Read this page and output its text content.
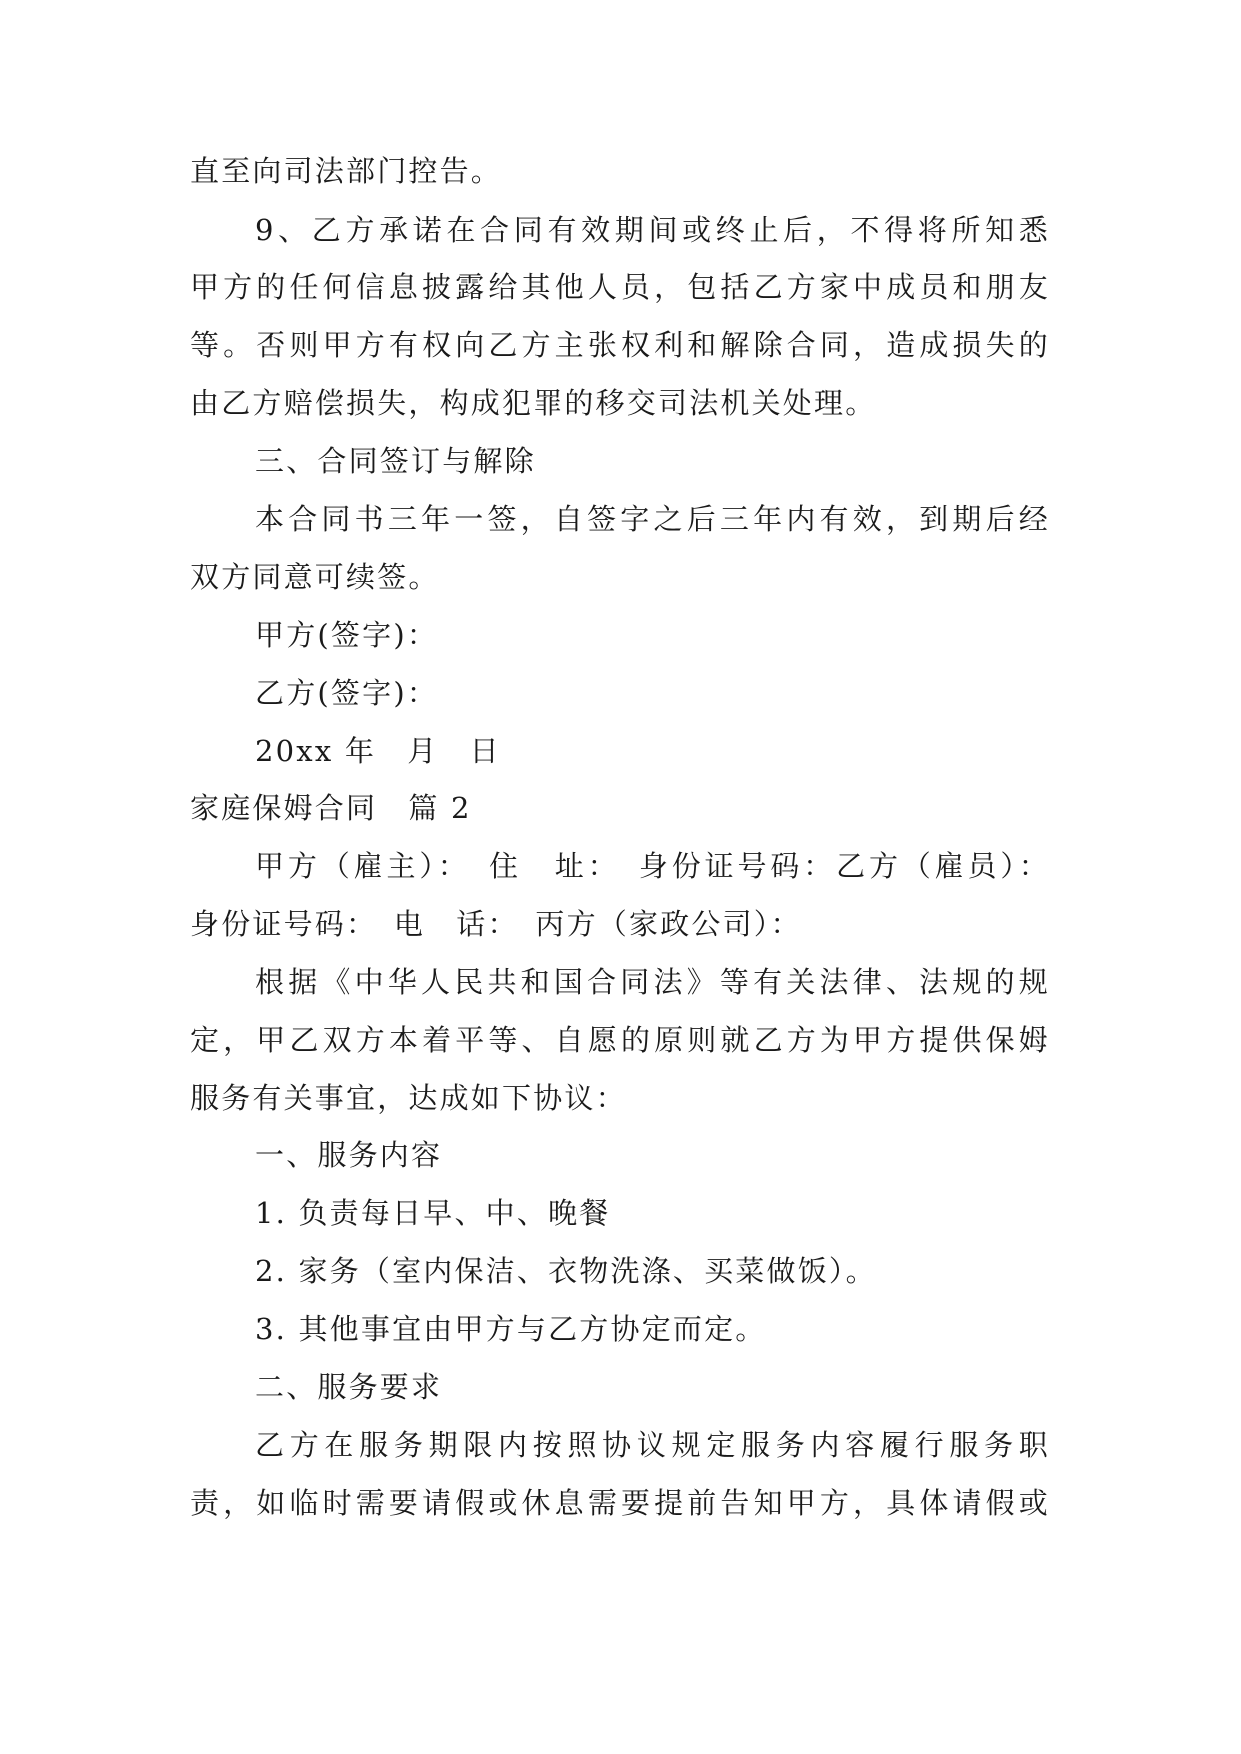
直至向司法部门控告。
9、乙方承诺在合同有效期间或终止后，不得将所知悉
甲方的任何信息披露给其他人员，包括乙方家中成员和朋友
等。否则甲方有权向乙方主张权利和解除合同，造成损失的
由乙方赔偿损失，构成犯罪的移交司法机关处理。
三、合同签订与解除
本合同书三年一签，自签字之后三年内有效，到期后经
双方同意可续签。
甲方(签字)：
乙方(签字)：
20xx 年　月　日
家庭保姆合同　篇 2
甲方（雇主）：　住　址：　身份证号码：乙方（雇员）：
身份证号码：　电　话：　丙方（家政公司）：
根据《中华人民共和国合同法》等有关法律、法规的规
定，甲乙双方本着平等、自愿的原则就乙方为甲方提供保姆
服务有关事宜，达成如下协议：
一、服务内容
1. 负责每日早、中、晚餐
2. 家务（室内保洁、衣物洗涤、买菜做饭）。
3. 其他事宜由甲方与乙方协定而定。
二、服务要求
乙方在服务期限内按照协议规定服务内容履行服务职
责，如临时需要请假或休息需要提前告知甲方，具体请假或
